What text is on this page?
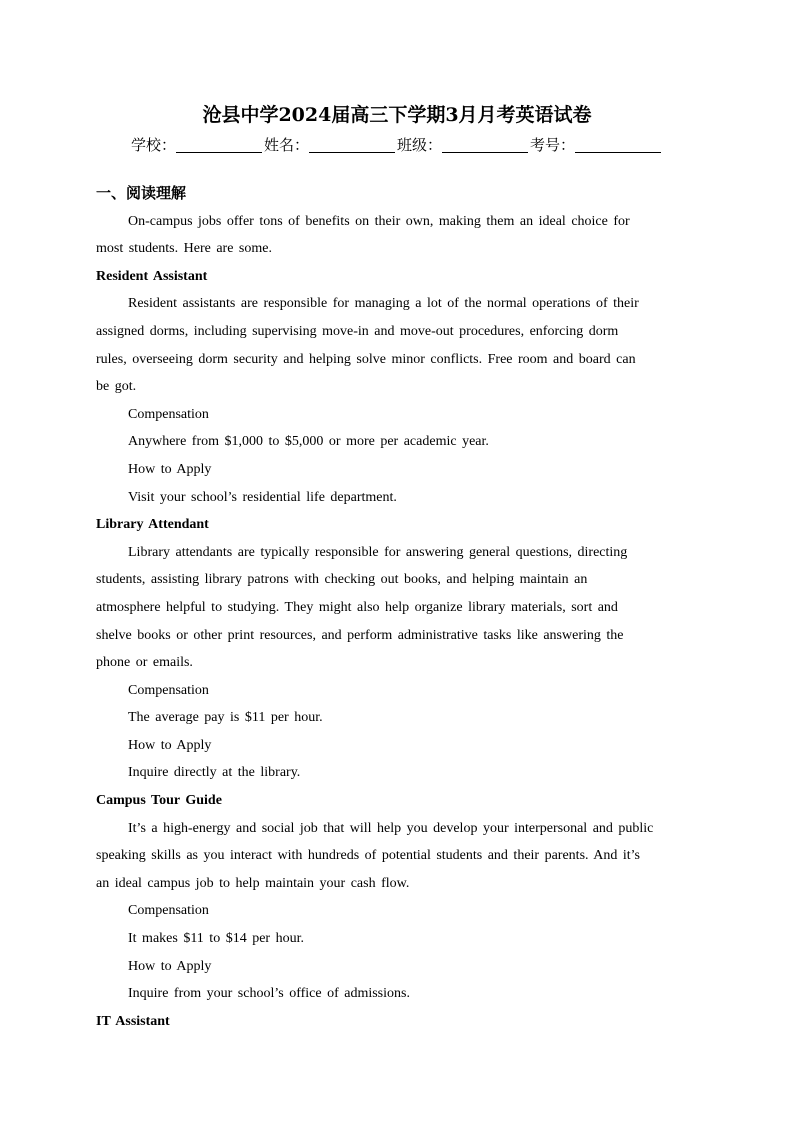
沧县中学2024届高三下学期3月月考英语试卷
学校：	姓名：	班级：	考号：
一、阅读理解
On-campus jobs offer tons of benefits on their own, making them an ideal choice for
most students. Here are some.
Resident Assistant
Resident assistants are responsible for managing a lot of the normal operations of their
assigned dorms, including supervising move-in and move-out procedures, enforcing dorm
rules, overseeing dorm security and helping solve minor conflicts. Free room and board can
be got.
Compensation
Anywhere from $1,000 to $5,000 or more per academic year.
How to Apply
Visit your school’s residential life department.
Library Attendant
Library attendants are typically responsible for answering general questions, directing
students, assisting library patrons with checking out books, and helping maintain an
atmosphere helpful to studying. They might also help organize library materials, sort and
shelve books or other print resources, and perform administrative tasks like answering the
phone or emails.
Compensation
The average pay is $11 per hour.
How to Apply
Inquire directly at the library.
Campus Tour Guide
It’s a high-energy and social job that will help you develop your interpersonal and public
speaking skills as you interact with hundreds of potential students and their parents. And it’s
an ideal campus job to help maintain your cash flow.
Compensation
It makes $11 to $14 per hour.
How to Apply
Inquire from your school’s office of admissions.
IT Assistant
